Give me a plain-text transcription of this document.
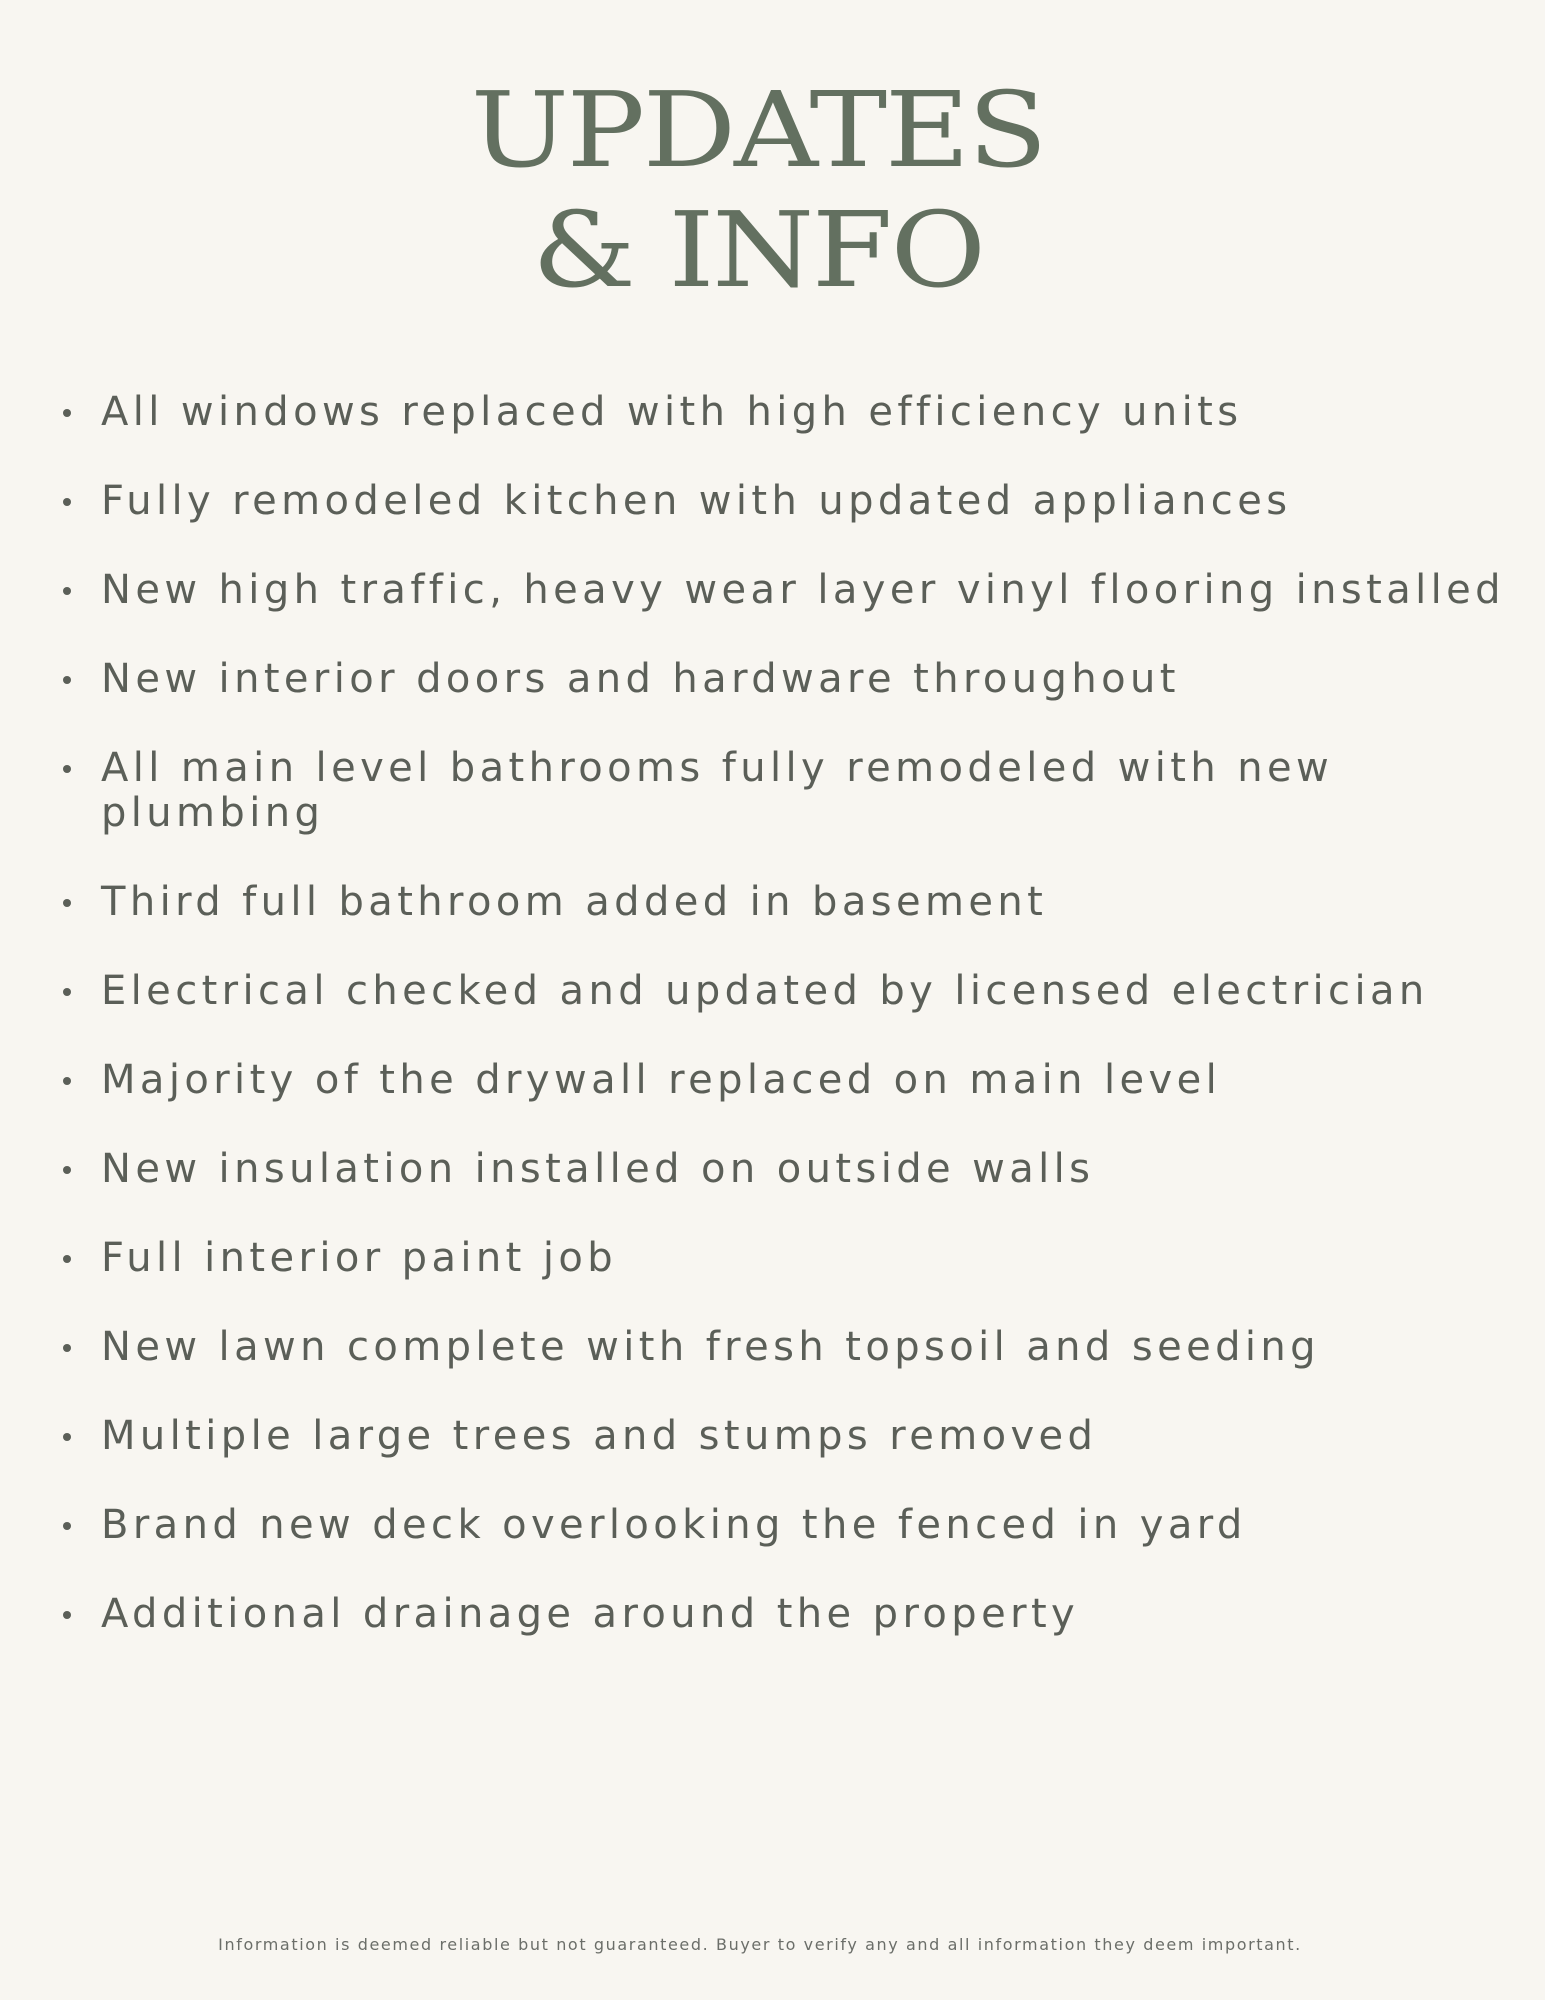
UPDATES
& INFO
All windows replaced with high efficiency units
Fully remodeled kitchen with updated appliances
New high traffic, heavy wear layer vinyl flooring installed
New interior doors and hardware throughout
All main level bathrooms fully remodeled with new plumbing
Third full bathroom added in basement
Electrical checked and updated by licensed electrician
Majority of the drywall replaced on main level
New insulation installed on outside walls
Full interior paint job
New lawn complete with fresh topsoil and seeding
Multiple large trees and stumps removed
Brand new deck overlooking the fenced in yard
Additional drainage around the property

Information is deemed reliable but not guaranteed. Buyer to verify any and all information they deem important.
